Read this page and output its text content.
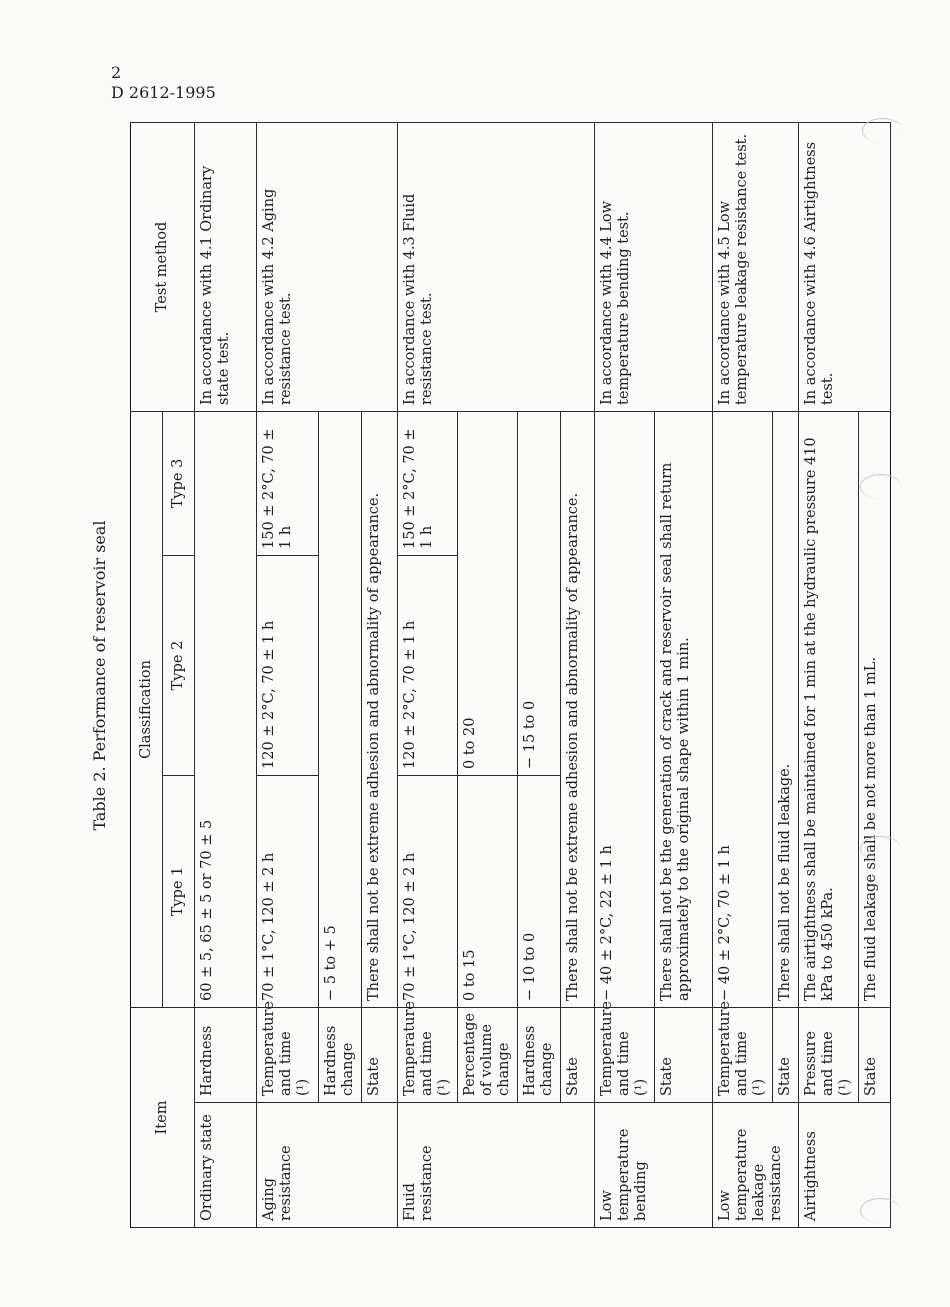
2
D 2612-1995
Table 2. Performance of reservoir seal
Item		Classification			Test method
		Type 1	Type 2	Type 3	
Ordinary state	Hardness	60 ± 5, 65 ± 5 or 70 ± 5			In accordance with 4.1 Ordinary state test.
Aging resistance	Temperature and time (¹)	70 ± 1°C, 120 ± 2 h	120 ± 2°C, 70 ± 1 h	150 ± 2°C, 70 ± 1 h	In accordance with 4.2 Aging resistance test.
	Hardness change	− 5 to + 5			
	State	There shall not be extreme adhesion and abnormality of appearance.			
Fluid resistance	Temperature and time (¹)	70 ± 1°C, 120 ± 2 h	120 ± 2°C, 70 ± 1 h	150 ± 2°C, 70 ± 1 h	In accordance with 4.3 Fluid resistance test.
	Percentage of volume change	0 to 15	0 to 20		
	Hardness change	− 10 to 0	− 15 to 0		
	State	There shall not be extreme adhesion and abnormality of appearance.			
Low temperature bending	Temperature and time (¹)	− 40 ± 2°C, 22 ± 1 h			In accordance with 4.4 Low temperature bending test.
	State	There shall not be the generation of crack and reservoir seal shall return approximately to the original shape within 1 min.			
Low temperature leakage resistance	Temperature and time (¹)	− 40 ± 2°C, 70 ± 1 h			In accordance with 4.5 Low temperature leakage resistance test.
	State	There shall not be fluid leakage.			
Airtightness	Pressure and time (¹)	The airtightness shall be maintained for 1 min at the hydraulic pressure 410 kPa to 450 kPa.			In accordance with 4.6 Airtightness test.
	State	The fluid leakage shall be not more than 1 mL.			
